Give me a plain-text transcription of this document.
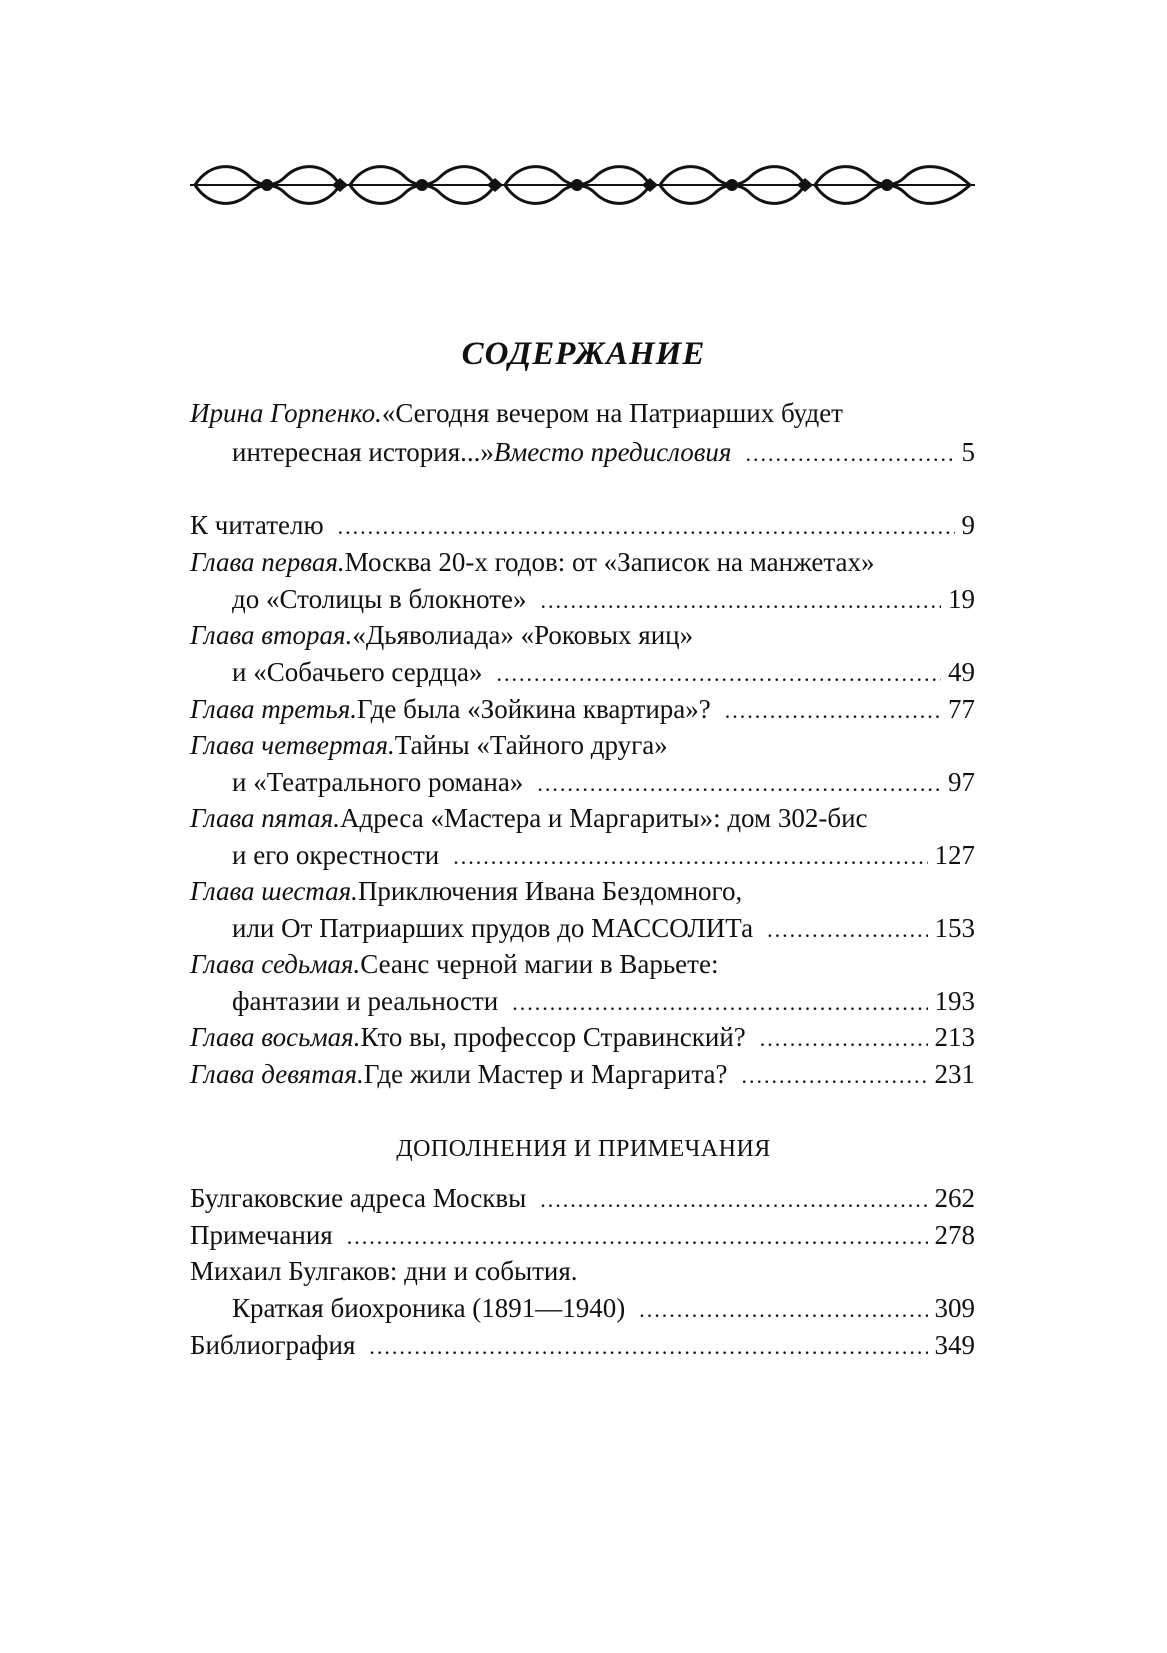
СОДЕРЖАНИЕ
Ирина Горпенко. «Сегодня вечером на Патриарших будет
интересная история...» Вместо предисловия .....	5
К читателю .....	9
Глава первая. Москва 20-х годов: от «Записок на манжетах»
до «Столицы в блокноте» .....	19
Глава вторая. «Дьяволиада» «Роковых яиц»
и «Собачьего сердца» .....	49
Глава третья. Где была «Зойкина квартира»? .....	77
Глава четвертая. Тайны «Тайного друга»
и «Театрального романа» .....	97
Глава пятая. Адреса «Мастера и Маргариты»: дом 302-бис
и его окрестности .....	127
Глава шестая. Приключения Ивана Бездомного,
или От Патриарших прудов до МАССОЛИТа .....	153
Глава седьмая. Сеанс черной магии в Варьете:
фантазии и реальности .....	193
Глава восьмая. Кто вы, профессор Стравинский? .....	213
Глава девятая. Где жили Мастер и Маргарита? .....	231
Булгаковские адреса Москвы .....	262
Примечания .....	278
Михаил Булгаков: дни и события.
Краткая биохроника (1891—1940) .....	309
Библиография .....	349
ДОПОЛНЕНИЯ И ПРИМЕЧАНИЯ
